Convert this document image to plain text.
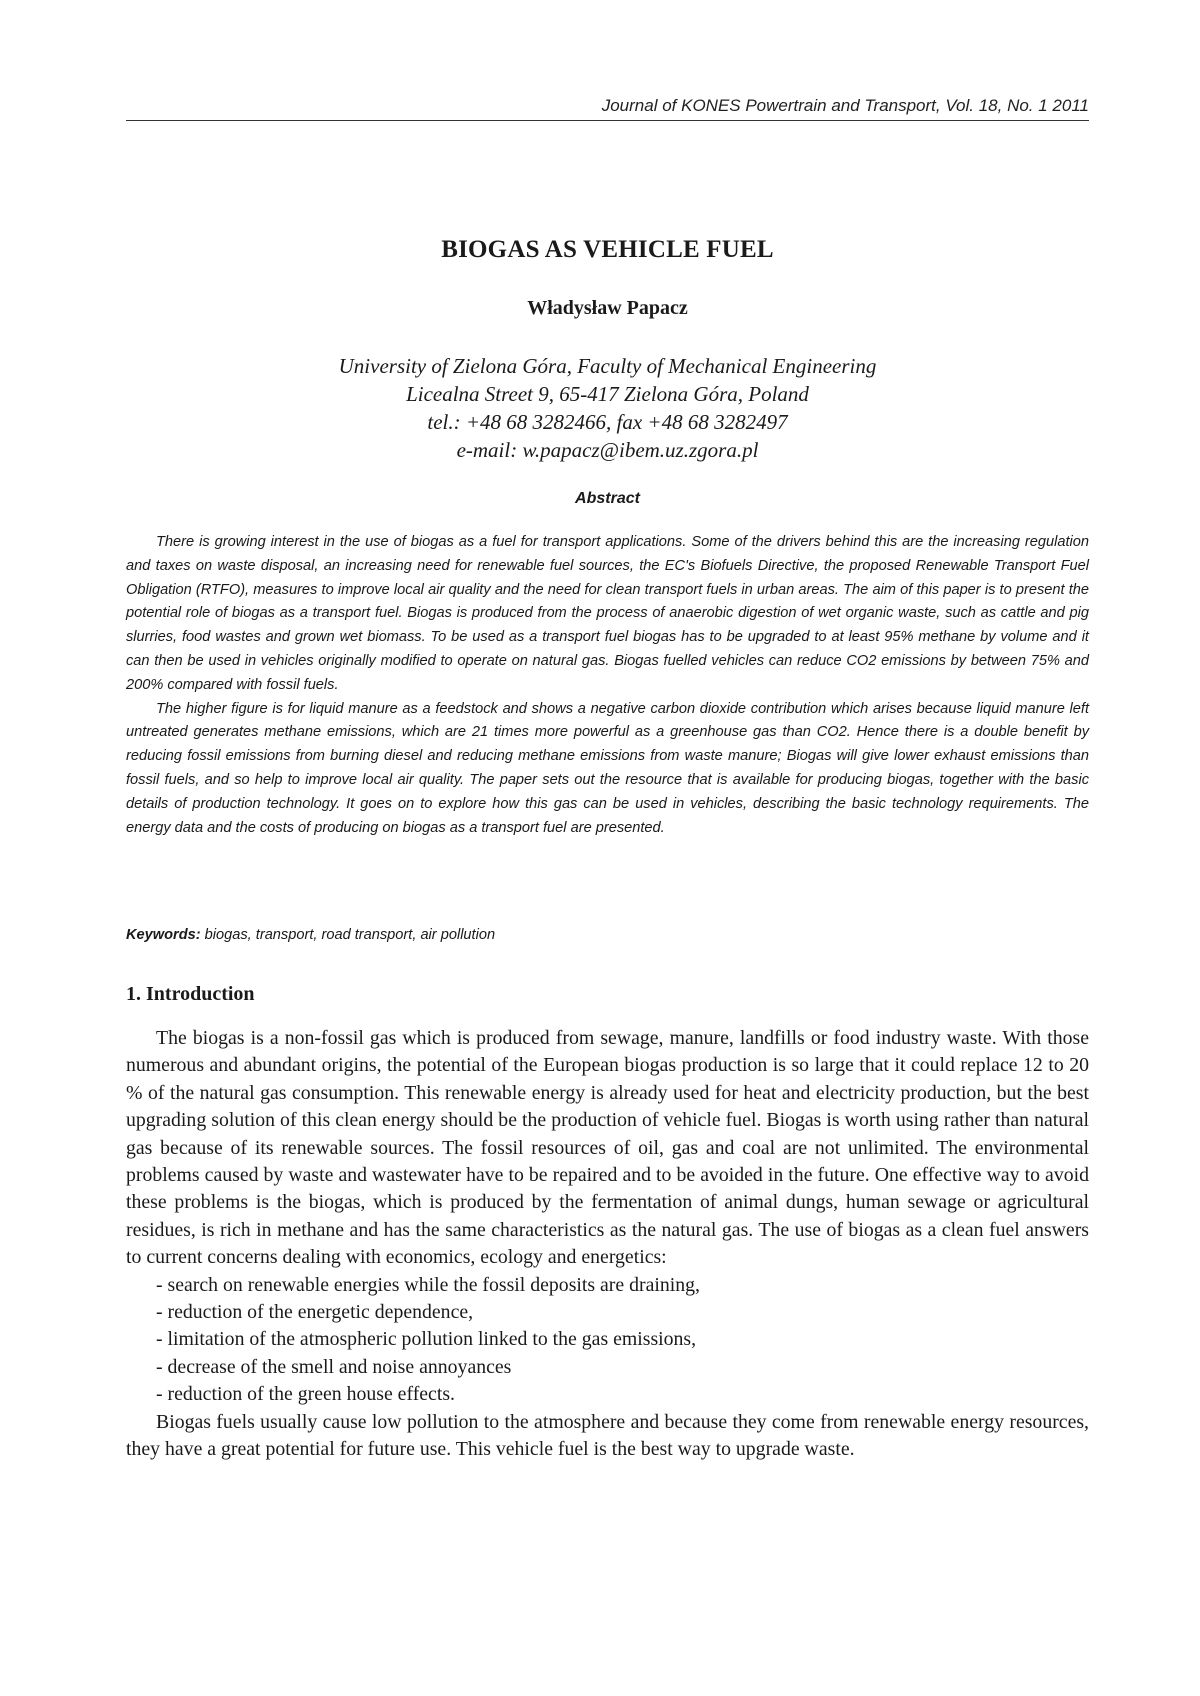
Journal of KONES Powertrain and Transport, Vol. 18, No. 1 2011
BIOGAS AS VEHICLE FUEL
Władysław Papacz
University of Zielona Góra, Faculty of Mechanical Engineering
Licealna Street 9, 65-417 Zielona Góra, Poland
tel.: +48 68 3282466, fax +48 68 3282497
e-mail: w.papacz@ibem.uz.zgora.pl
Abstract

There is growing interest in the use of biogas as a fuel for transport applications. Some of the drivers behind this are the increasing regulation and taxes on waste disposal, an increasing need for renewable fuel sources, the EC's Biofuels Directive, the proposed Renewable Transport Fuel Obligation (RTFO), measures to improve local air quality and the need for clean transport fuels in urban areas. The aim of this paper is to present the potential role of biogas as a transport fuel. Biogas is produced from the process of anaerobic digestion of wet organic waste, such as cattle and pig slurries, food wastes and grown wet biomass. To be used as a transport fuel biogas has to be upgraded to at least 95% methane by volume and it can then be used in vehicles originally modified to operate on natural gas. Biogas fuelled vehicles can reduce CO2 emissions by between 75% and 200% compared with fossil fuels.

The higher figure is for liquid manure as a feedstock and shows a negative carbon dioxide contribution which arises because liquid manure left untreated generates methane emissions, which are 21 times more powerful as a greenhouse gas than CO2. Hence there is a double benefit by reducing fossil emissions from burning diesel and reducing methane emissions from waste manure; Biogas will give lower exhaust emissions than fossil fuels, and so help to improve local air quality. The paper sets out the resource that is available for producing biogas, together with the basic details of production technology. It goes on to explore how this gas can be used in vehicles, describing the basic technology requirements. The energy data and the costs of producing on biogas as a transport fuel are presented.

Keywords: biogas, transport, road transport, air pollution
1. Introduction

The biogas is a non-fossil gas which is produced from sewage, manure, landfills or food industry waste. With those numerous and abundant origins, the potential of the European biogas production is so large that it could replace 12 to 20 % of the natural gas consumption. This renewable energy is already used for heat and electricity production, but the best upgrading solution of this clean energy should be the production of vehicle fuel. Biogas is worth using rather than natural gas because of its renewable sources. The fossil resources of oil, gas and coal are not unlimited. The environmental problems caused by waste and wastewater have to be repaired and to be avoided in the future. One effective way to avoid these problems is the biogas, which is produced by the fermentation of animal dungs, human sewage or agricultural residues, is rich in methane and has the same characteristics as the natural gas. The use of biogas as a clean fuel answers to current concerns dealing with economics, ecology and energetics:

- search on renewable energies while the fossil deposits are draining,
- reduction of the energetic dependence,
- limitation of the atmospheric pollution linked to the gas emissions,
- decrease of the smell and noise annoyances
- reduction of the green house effects.

Biogas fuels usually cause low pollution to the atmosphere and because they come from renewable energy resources, they have a great potential for future use. This vehicle fuel is the best way to upgrade waste.
